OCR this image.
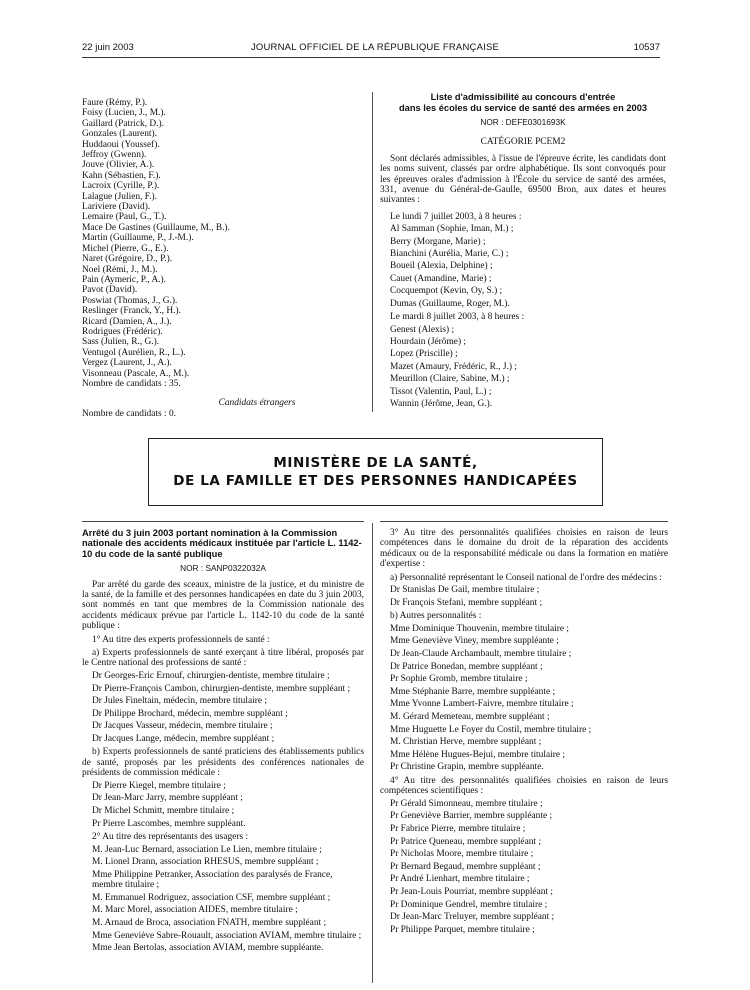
22 juin 2003	JOURNAL OFFICIEL DE LA RÉPUBLIQUE FRANÇAISE	10537

Faure (Rémy, P.).

Foisy (Lucien, J., M.).

Gaillard (Patrick, D.).

Gonzales (Laurent).

Huddaoui (Youssef).

Jeffroy (Gwenn).

Jouve (Olivier, A.).

Kahn (Sébastien, F.).

Lacroix (Cyrille, P.).

Lalague (Julien, F.).

Lariviere (David).

Lemaire (Paul, G., T.).

Mace De Gastines (Guillaume, M., B.).

Martin (Guillaume, P., J.-M.).

Michel (Pierre, G., E.).

Naret (Grégoire, D., P.).

Noel (Rémi, J., M.).

Pain (Aymeric, P., A.).

Pavot (David).

Poswiat (Thomas, J., G.).

Reslinger (Franck, Y., H.).

Ricard (Damien, A., J.).

Rodrigues (Frédéric).

Sass (Julien, R., G.).

Ventugol (Aurélien, R., L.).

Vergez (Laurent, J., A.).

Visonneau (Pascale, A., M.).

Nombre de candidats : 35.

Candidats étrangers

Nombre de candidats : 0.

Liste d'admissibilité au concours d'entrée

dans les écoles du service de santé des armées en 2003

NOR : DEFE0301693K

CATÉGORIE PCEM2

Sont déclarés admissibles, à l'issue de l'épreuve écrite, les candidats dont les noms suivent, classés par ordre alphabétique. Ils sont convoqués pour les épreuves orales d'admission à l'École du service de santé des armées, 331, avenue du Général-de-Gaulle, 69500 Bron, aux dates et heures suivantes :

Le lundi 7 juillet 2003, à 8 heures :

Al Samman (Sophie, Iman, M.) ;

Berry (Morgane, Marie) ;

Bianchini (Aurélia, Marie, C.) ;

Boueil (Alexia, Delphine) ;

Cauet (Amandine, Marie) ;

Cocquempot (Kevin, Oy, S.) ;

Dumas (Guillaume, Roger, M.).

Le mardi 8 juillet 2003, à 8 heures :

Genest (Alexis) ;

Hourdain (Jérôme) ;

Lopez (Priscille) ;

Mazet (Amaury, Frédéric, R., J.) ;

Meurillon (Claire, Sabine, M.) ;

Tissot (Valentin, Paul, L.) ;

Wannin (Jérôme, Jean, G.).

MINISTÈRE DE LA SANTÉ,
DE LA FAMILLE ET DES PERSONNES HANDICAPÉES

Arrêté du 3 juin 2003 portant nomination à la Commission nationale des accidents médicaux instituée par l'article L. 1142-10 du code de la santé publique

NOR : SANP0322032A

Par arrêté du garde des sceaux, ministre de la justice, et du ministre de la santé, de la famille et des personnes handicapées en date du 3 juin 2003, sont nommés en tant que membres de la Commission nationale des accidents médicaux prévue par l'article L. 1142-10 du code de la santé publique :

1° Au titre des experts professionnels de santé :

a) Experts professionnels de santé exerçant à titre libéral, proposés par le Centre national des professions de santé :

Dr Georges-Eric Ernouf, chirurgien-dentiste, membre titulaire ;

Dr Pierre-François Cambon, chirurgien-dentiste, membre suppléant ;

Dr Jules Fineltain, médecin, membre titulaire ;

Dr Philippe Brochard, médecin, membre suppléant ;

Dr Jacques Vasseur, médecin, membre titulaire ;

Dr Jacques Lange, médecin, membre suppléant ;

b) Experts professionnels de santé praticiens des établissements publics de santé, proposés par les présidents des conférences nationales de présidents de commission médicale :

Dr Pierre Kiegel, membre titulaire ;

Dr Jean-Marc Jarry, membre suppléant ;

Dr Michel Schmitt, membre titulaire ;

Pr Pierre Lascombes, membre suppléant.

2° Au titre des représentants des usagers :

M. Jean-Luc Bernard, association Le Lien, membre titulaire ;

M. Lionel Drann, association RHESUS, membre suppléant ;

Mme Philippine Petranker, Association des paralysés de France, membre titulaire ;

M. Emmanuel Rodriguez, association CSF, membre suppléant ;

M. Marc Morel, association AIDES, membre titulaire ;

M. Arnaud de Broca, association FNATH, membre suppléant ;

Mme Geneviève Sabre-Rouault, association AVIAM, membre titulaire ;

Mme Jean Bertolas, association AVIAM, membre suppléante.

3° Au titre des personnalités qualifiées choisies en raison de leurs compétences dans le domaine du droit de la réparation des accidents médicaux ou de la responsabilité médicale ou dans la formation en matière d'expertise :

a) Personnalité représentant le Conseil national de l'ordre des médecins :

Dr Stanislas De Gail, membre titulaire ;

Dr François Stefani, membre suppléant ;

b) Autres personnalités :

Mme Dominique Thouvenin, membre titulaire ;

Mme Geneviève Viney, membre suppléante ;

Dr Jean-Claude Archambault, membre titulaire ;

Dr Patrice Bonedan, membre suppléant ;

Pr Sophie Gromb, membre titulaire ;

Mme Stéphanie Barre, membre suppléante ;

Mme Yvonne Lambert-Faivre, membre titulaire ;

M. Gérard Memeteau, membre suppléant ;

Mme Huguette Le Foyer du Costil, membre titulaire ;

M. Christian Herve, membre suppléant ;

Mme Hélène Hugues-Bejui, membre titulaire ;

Pr Christine Grapin, membre suppléante.

4° Au titre des personnalités qualifiées choisies en raison de leurs compétences scientifiques :

Pr Gérald Simonneau, membre titulaire ;

Pr Geneviève Barrier, membre suppléante ;

Pr Fabrice Pierre, membre titulaire ;

Pr Patrice Queneau, membre suppléant ;

Pr Nicholas Moore, membre titulaire ;

Pr Bernard Begaud, membre suppléant ;

Pr André Lienhart, membre titulaire ;

Pr Jean-Louis Pourriat, membre suppléant ;

Pr Dominique Gendrel, membre titulaire ;

Dr Jean-Marc Treluyer, membre suppléant ;

Pr Philippe Parquet, membre titulaire ;
